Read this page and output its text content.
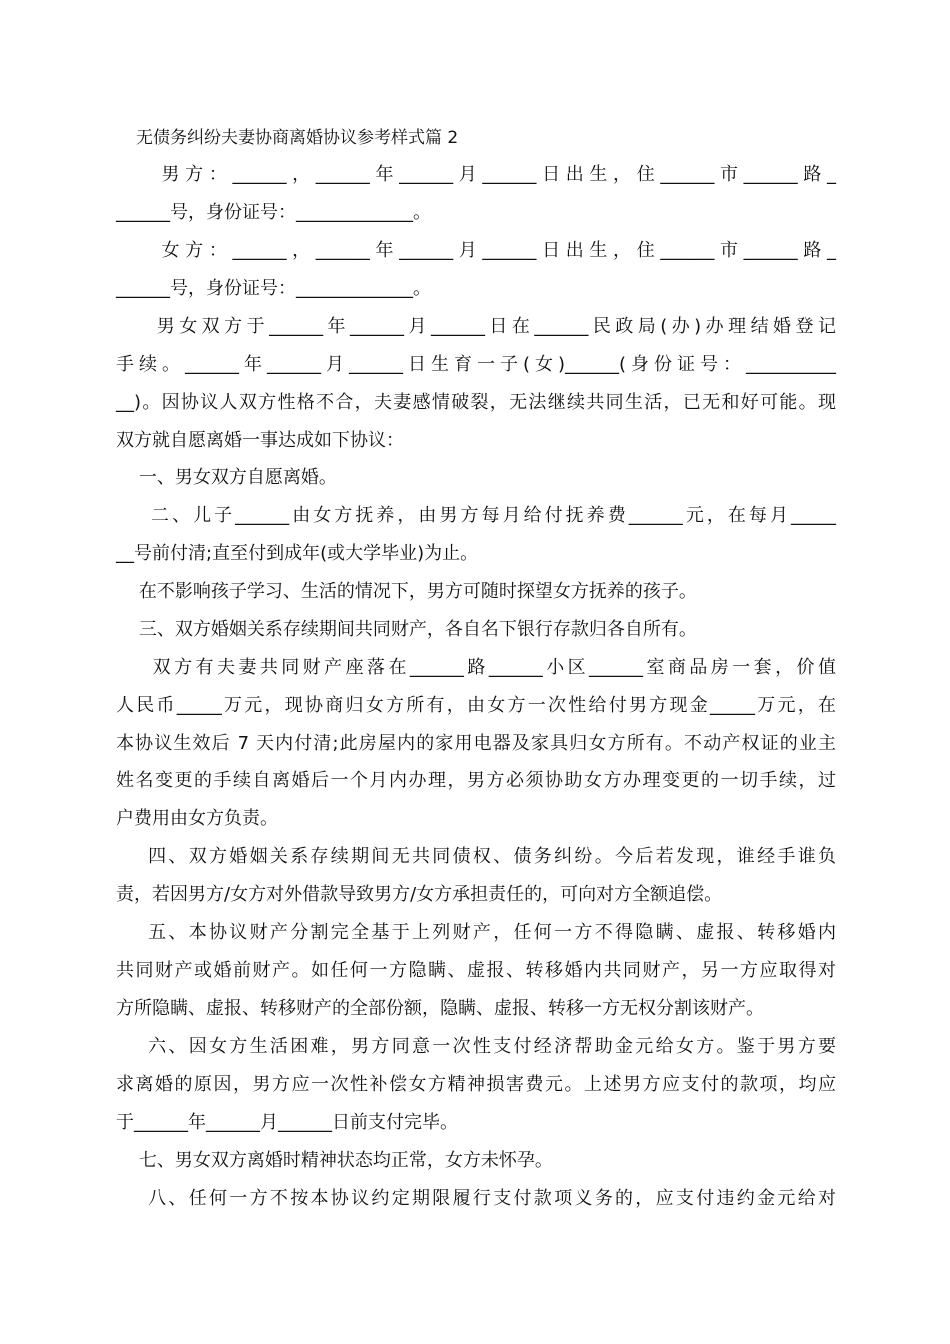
无债务纠纷夫妻协商离婚协议参考样式篇 2
男方：______，______年______月______日出生，住______市______路_
______号，身份证号：_____________。
女方：______，______年______月______日出生，住______市______路_
______号，身份证号：_____________。
男女双方于______年______月______日在______民政局(办)办理结婚登记
手续。______年______月______日生育一子(女)______(身份证号：__________
__)。因协议人双方性格不合，夫妻感情破裂，无法继续共同生活，已无和好可能。现
双方就自愿离婚一事达成如下协议：
一、男女双方自愿离婚。
二、儿子______由女方抚养，由男方每月给付抚养费______元，在每月_____
__号前付清;直至付到成年(或大学毕业)为止。
在不影响孩子学习、生活的情况下，男方可随时探望女方抚养的孩子。
三、双方婚姻关系存续期间共同财产，各自名下银行存款归各自所有。
双方有夫妻共同财产座落在______路______小区______室商品房一套，价值
人民币_____万元，现协商归女方所有，由女方一次性给付男方现金_____万元，在
本协议生效后 7 天内付清;此房屋内的家用电器及家具归女方所有。不动产权证的业主
姓名变更的手续自离婚后一个月内办理，男方必须协助女方办理变更的一切手续，过
户费用由女方负责。
四、双方婚姻关系存续期间无共同债权、债务纠纷。今后若发现，谁经手谁负
责，若因男方/女方对外借款导致男方/女方承担责任的，可向对方全额追偿。
五、本协议财产分割完全基于上列财产，任何一方不得隐瞒、虚报、转移婚内
共同财产或婚前财产。如任何一方隐瞒、虚报、转移婚内共同财产，另一方应取得对
方所隐瞒、虚报、转移财产的全部份额，隐瞒、虚报、转移一方无权分割该财产。
六、因女方生活困难，男方同意一次性支付经济帮助金元给女方。鉴于男方要
求离婚的原因，男方应一次性补偿女方精神损害费元。上述男方应支付的款项，均应
于______年______月______日前支付完毕。
七、男女双方离婚时精神状态均正常，女方未怀孕。
八、任何一方不按本协议约定期限履行支付款项义务的，应支付违约金元给对
